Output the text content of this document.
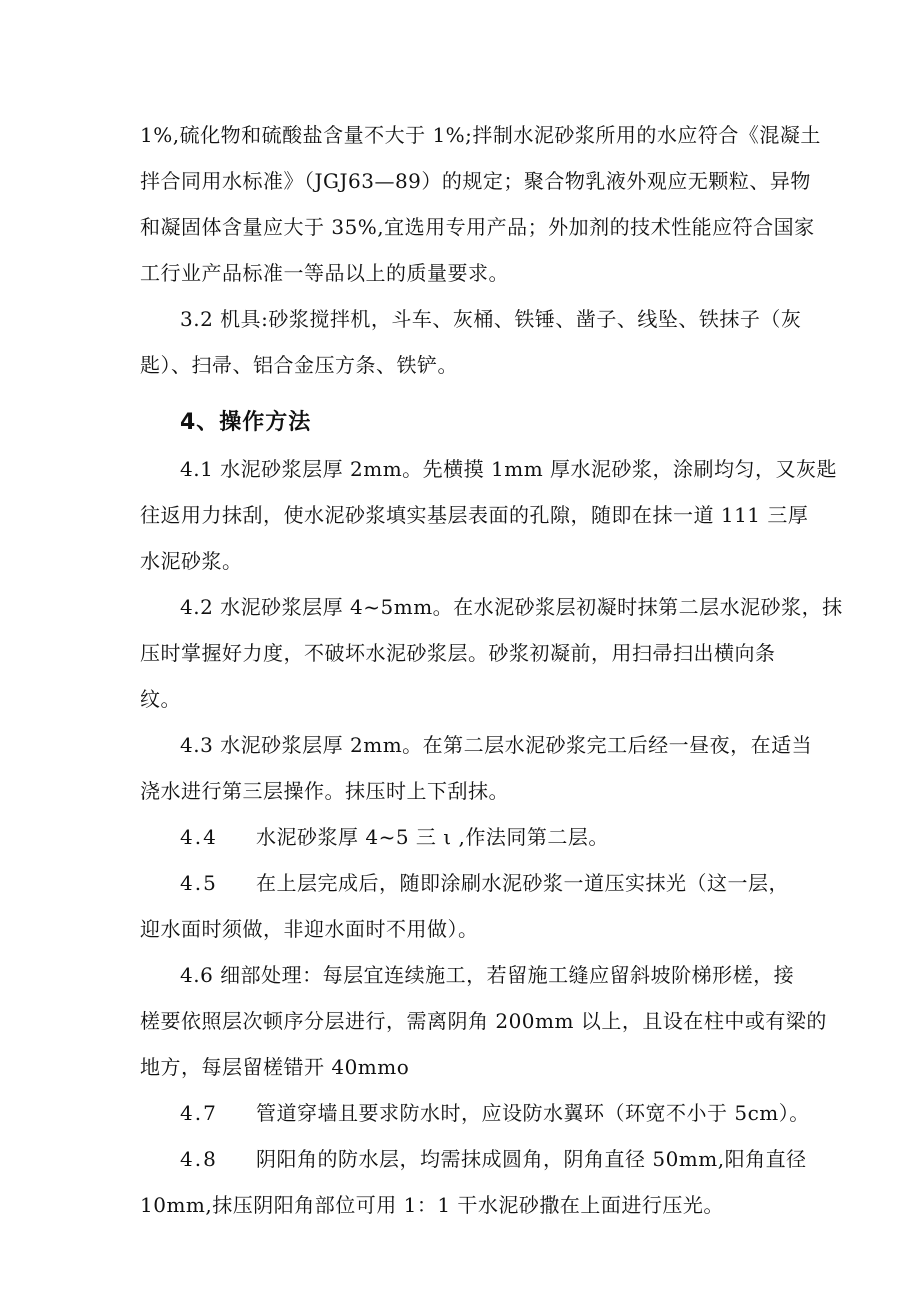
1%,硫化物和硫酸盐含量不大于 1%;拌制水泥砂浆所用的水应符合《混凝土
拌合同用水标准》（JGJ63—89）的规定；聚合物乳液外观应无颗粒、异物
和凝固体含量应大于 35%,宜选用专用产品；外加剂的技术性能应符合国家
工行业产品标准一等品以上的质量要求。
3.2 机具:砂浆搅拌机，斗车、灰桶、铁锤、凿子、线坠、铁抹子（灰
匙）、扫帚、铝合金压方条、铁铲。
4、操作方法
4.1 水泥砂浆层厚 2mm。先横摸 1mm 厚水泥砂浆，涂刷均匀，又灰匙
往返用力抹刮，使水泥砂浆填实基层表面的孔隙，随即在抹一道 111 三厚
水泥砂浆。
4.2 水泥砂浆层厚 4~5mm。在水泥砂浆层初凝时抹第二层水泥砂浆，抹
压时掌握好力度，不破坏水泥砂浆层。砂浆初凝前，用扫帚扫出横向条
纹。
4.3 水泥砂浆层厚 2mm。在第二层水泥砂浆完工后经一昼夜，在适当
浇水进行第三层操作。抹压时上下刮抹。
4.4 水泥砂浆厚 4~5 三 ι ,作法同第二层。
4.5 在上层完成后，随即涂刷水泥砂浆一道压实抹光（这一层，
迎水面时须做，非迎水面时不用做）。
4.6 细部处理：每层宜连续施工，若留施工缝应留斜坡阶梯形槎，接
槎要依照层次顿序分层进行，需离阴角 200mm 以上，且设在柱中或有梁的
地方，每层留槎错开 40mmo
4.7 管道穿墙且要求防水时，应设防水翼环（环宽不小于 5cm）。
4.8 阴阳角的防水层，均需抹成圆角，阴角直径 50mm,阳角直径
10mm,抹压阴阳角部位可用 1：1 干水泥砂撒在上面进行压光。
